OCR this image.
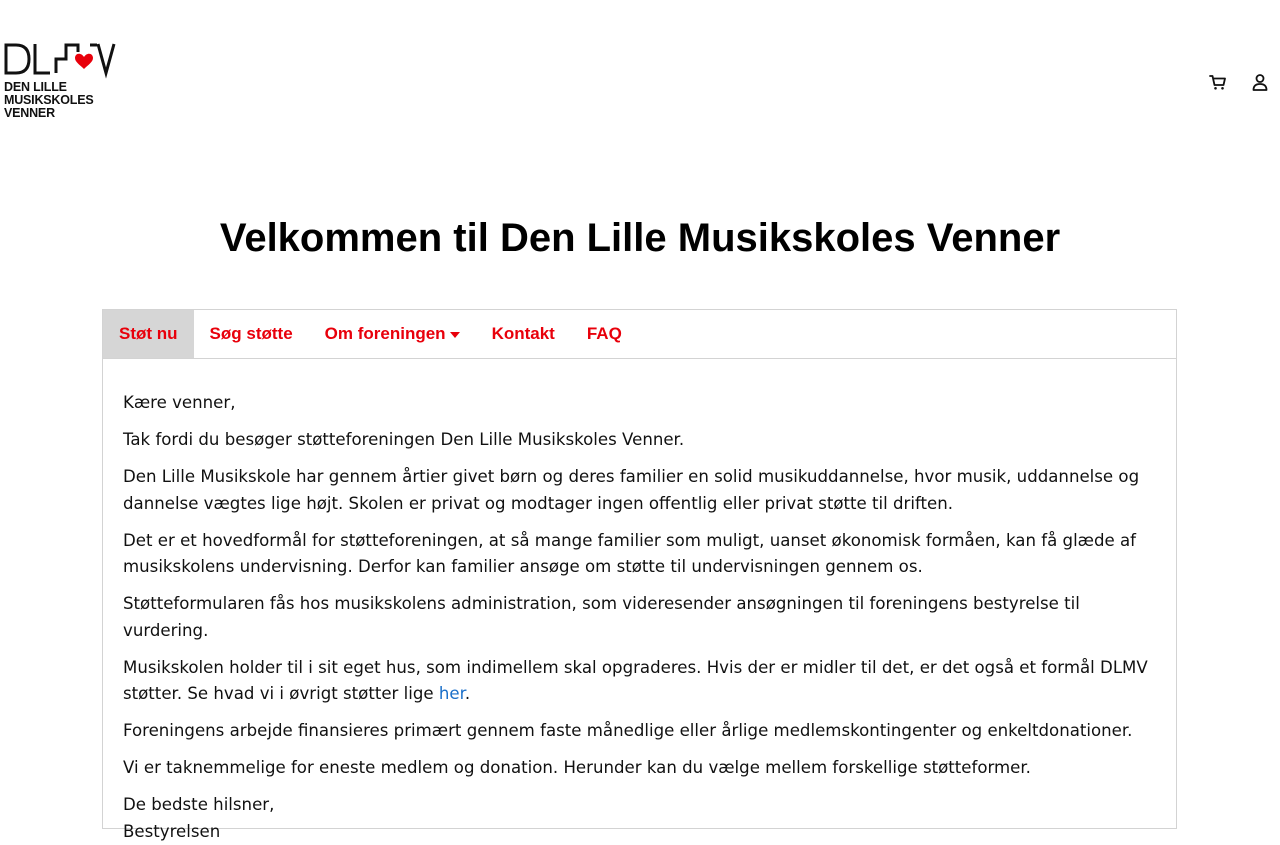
DEN LILLE
MUSIKSKOLES
VENNER
Velkommen til Den Lille Musikskoles Venner
Støt nu Søg støtte Om foreningen	Kontakt FAQ

Kære venner,

Tak fordi du besøger støtteforeningen Den Lille Musikskoles Venner.

Den Lille Musikskole har gennem årtier givet børn og deres familier en solid musikuddannelse, hvor musik, uddannelse og dannelse vægtes lige højt. Skolen er privat og modtager ingen offentlig eller privat støtte til driften.

Det er et hovedformål for støtteforeningen, at så mange familier som muligt, uanset økonomisk formåen, kan få glæde af musikskolens undervisning. Derfor kan familier ansøge om støtte til undervisningen gennem os.

Støtteformularen fås hos musikskolens administration, som videresender ansøgningen til foreningens bestyrelse til vurdering.

Musikskolen holder til i sit eget hus, som indimellem skal opgraderes. Hvis der er midler til det, er det også et formål DLMV støtter. Se hvad vi i øvrigt støtter lige her.

Foreningens arbejde finansieres primært gennem faste månedlige eller årlige medlemskontingenter og enkeltdonationer.

Vi er taknemmelige for eneste medlem og donation. Herunder kan du vælge mellem forskellige støtteformer.

De bedste hilsner,
Bestyrelsen
